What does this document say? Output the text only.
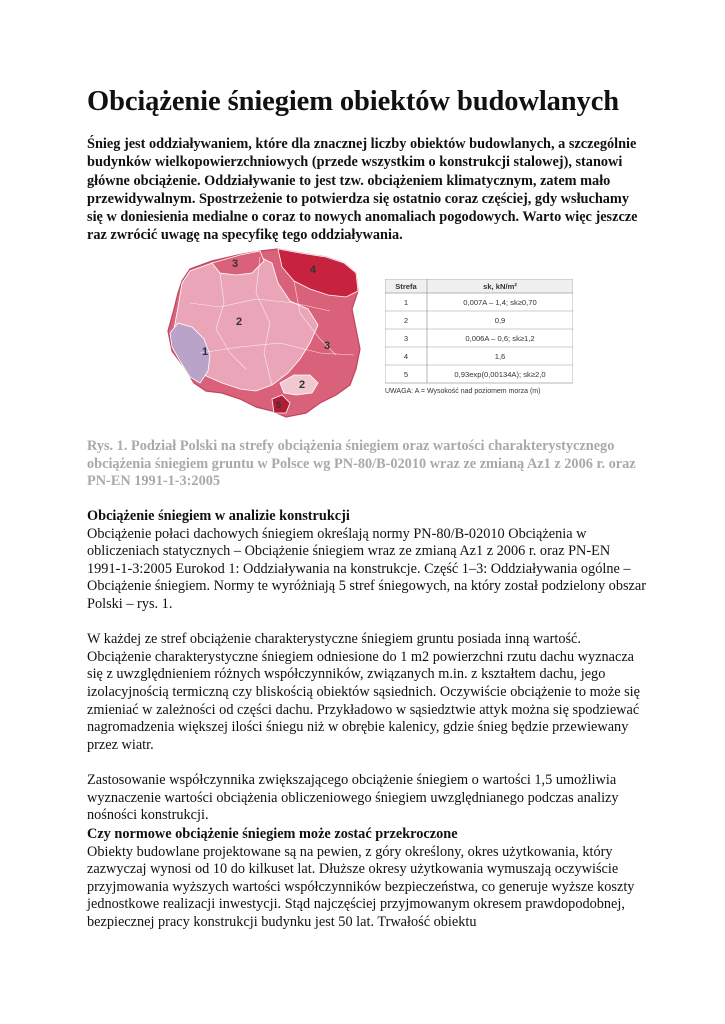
Obciążenie śniegiem obiektów budowlanych

Śnieg jest oddziaływaniem, które dla znacznej liczby obiektów budowlanych, a szczególnie budynków wielkopowierzchniowych (przede wszystkim o konstrukcji stalowej), stanowi główne obciążenie. Oddziaływanie to jest tzw. obciążeniem klimatycznym, zatem mało przewidywalnym. Spostrzeżenie to potwierdza się ostatnio coraz częściej, gdy wsłuchamy się w doniesienia medialne o coraz to nowych anomaliach pogodowych. Warto więc jeszcze raz zwrócić uwagę na specyfikę tego oddziaływania.

3	4
2
1	3
2
5
Strefa	sk, kN/m²
1	0,007A – 1,4; sk≥0,70
2	0,9
3	0,006A – 0,6; sk≥1,2
4	1,6
5	0,93exp(0,00134A); sk≥2,0
UWAGA: A = Wysokość nad poziomem morza (m)

Rys. 1. Podział Polski na strefy obciążenia śniegiem oraz wartości charakterystycznego obciążenia śniegiem gruntu w Polsce wg PN-80/B-02010 wraz ze zmianą Az1 z 2006 r. oraz PN-EN 1991-1-3:2005

Obciążenie śniegiem w analizie konstrukcji

Obciążenie połaci dachowych śniegiem określają normy PN-80/B-02010 Obciążenia w obliczeniach statycznych – Obciążenie śniegiem wraz ze zmianą Az1 z 2006 r. oraz PN-EN 1991-1-3:2005 Eurokod 1: Oddziaływania na konstrukcje. Część 1–3: Oddziaływania ogólne – Obciążenie śniegiem. Normy te wyróżniają 5 stref śniegowych, na który został podzielony obszar Polski – rys. 1.

W każdej ze stref obciążenie charakterystyczne śniegiem gruntu posiada inną wartość. Obciążenie charakterystyczne śniegiem odniesione do 1 m2 powierzchni rzutu dachu wyznacza się z uwzględnieniem różnych współczynników, związanych m.in. z kształtem dachu, jego izolacyjnością termiczną czy bliskością obiektów sąsiednich. Oczywiście obciążenie to może się zmieniać w zależności od części dachu. Przykładowo w sąsiedztwie attyk można się spodziewać nagromadzenia większej ilości śniegu niż w obrębie kalenicy, gdzie śnieg będzie przewiewany przez wiatr.

Zastosowanie współczynnika zwiększającego obciążenie śniegiem o wartości 1,5 umożliwia wyznaczenie wartości obciążenia obliczeniowego śniegiem uwzględnianego podczas analizy nośności konstrukcji.

Czy normowe obciążenie śniegiem może zostać przekroczone

Obiekty budowlane projektowane są na pewien, z góry określony, okres użytkowania, który zazwyczaj wynosi od 10 do kilkuset lat. Dłuższe okresy użytkowania wymuszają oczywiście przyjmowania wyższych wartości współczynników bezpieczeństwa, co generuje wyższe koszty jednostkowe realizacji inwestycji. Stąd najczęściej przyjmowanym okresem prawdopodobnej, bezpiecznej pracy konstrukcji budynku jest 50 lat. Trwałość obiektu
